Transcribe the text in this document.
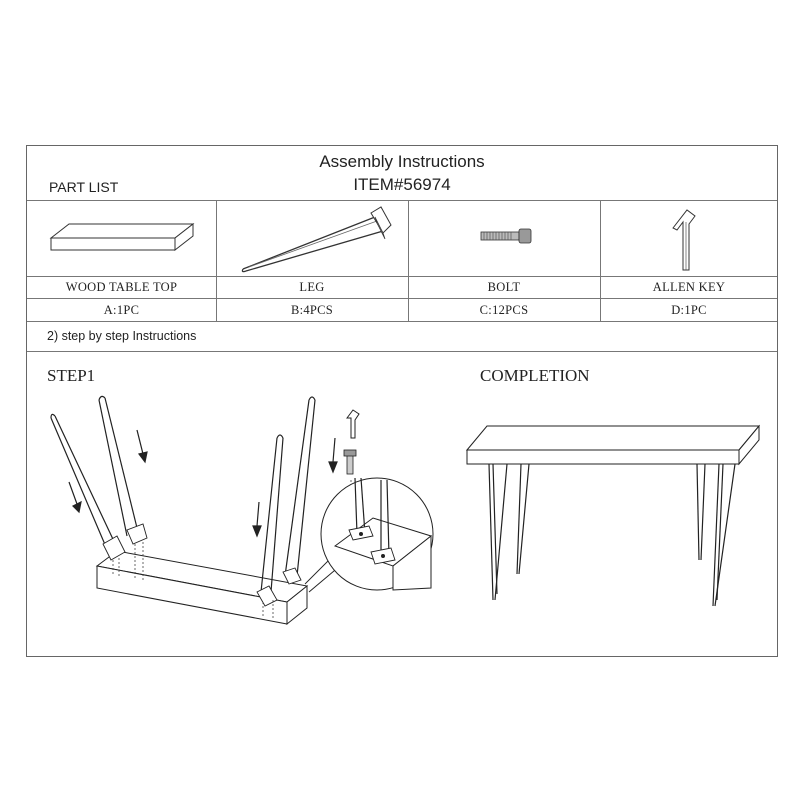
Assembly Instructions
ITEM#56974
PART LIST
WOOD TABLE TOP	LEG	BOLT	ALLEN KEY
A:1PC	B:4PCS	C:12PCS	D:1PC
2) step by step Instructions
STEP1	COMPLETION
